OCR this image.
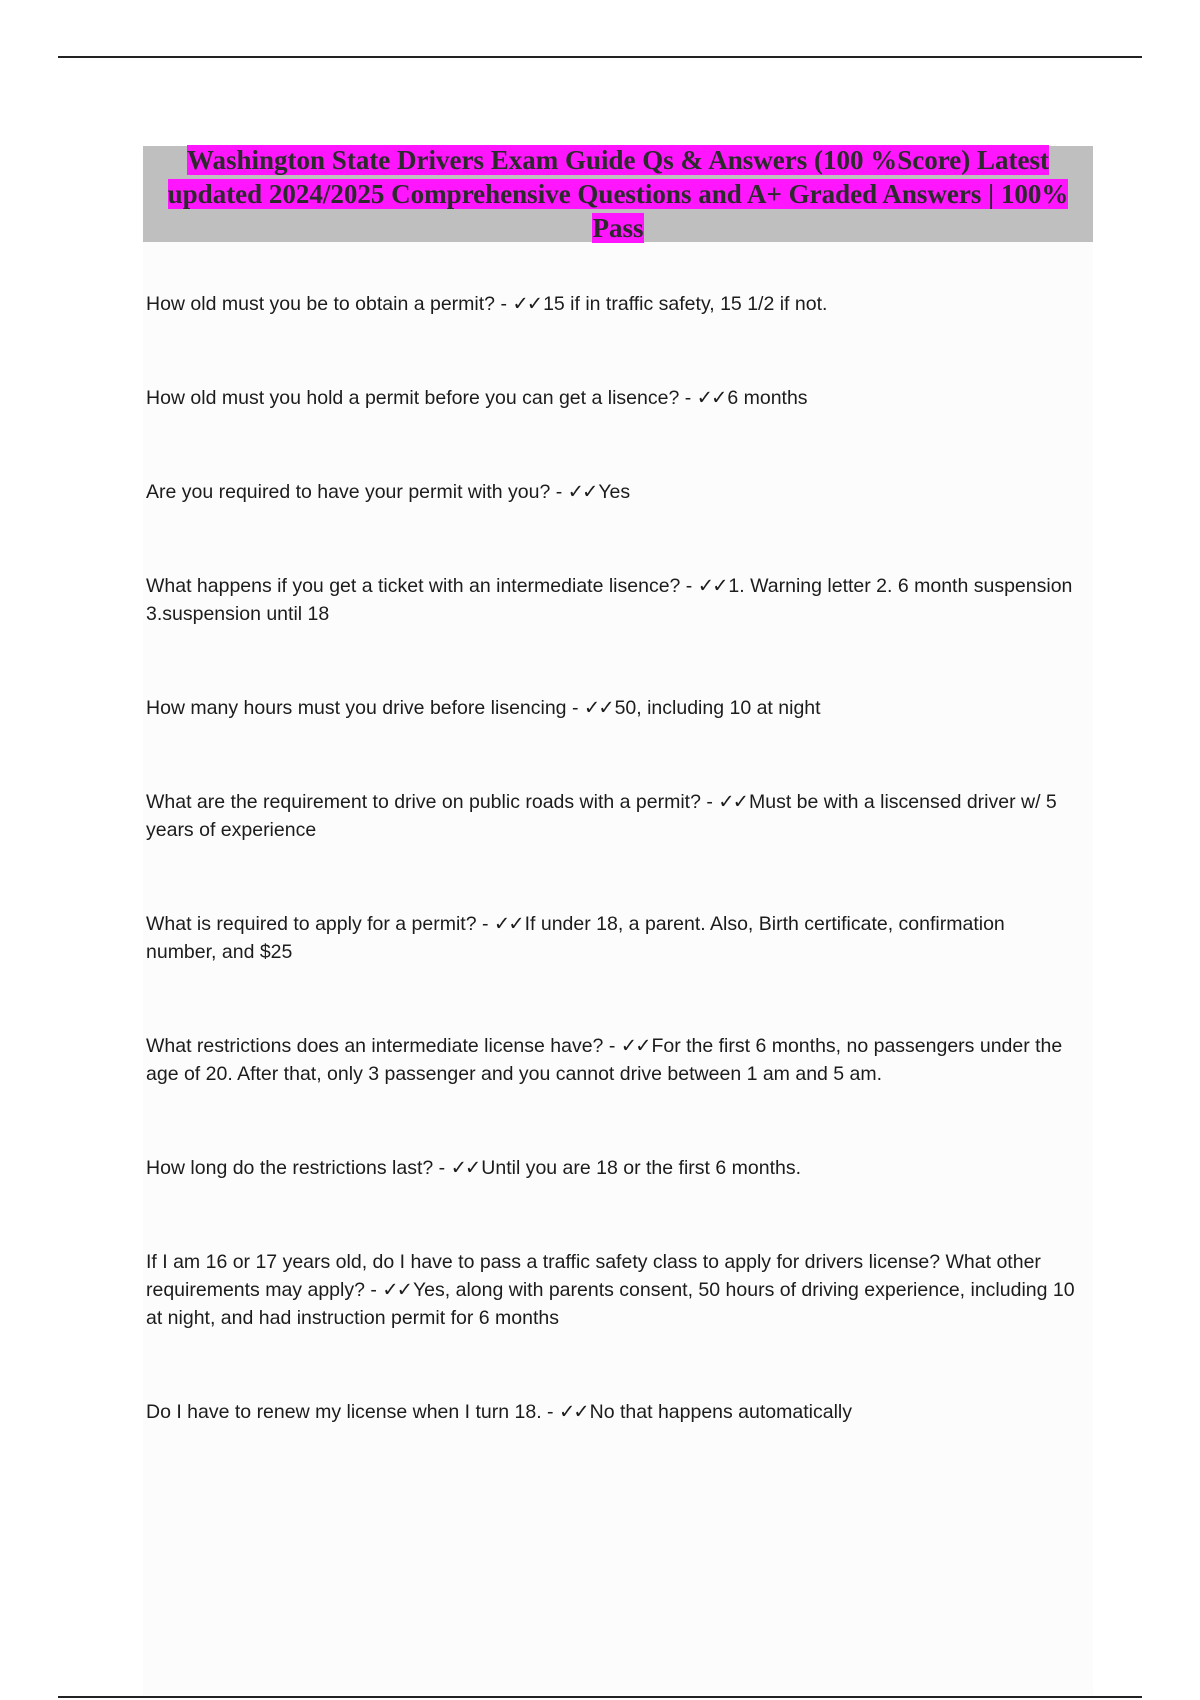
Washington State Drivers Exam Guide Qs & Answers (100 %Score) Latest updated 2024/2025 Comprehensive Questions and A+ Graded Answers | 100% Pass

How old must you be to obtain a permit? - ✓✓ 15 if in traffic safety, 15 1/2 if not.

How old must you hold a permit before you can get a lisence? - ✓✓ 6 months

Are you required to have your permit with you? - ✓✓ Yes

What happens if you get a ticket with an intermediate lisence? - ✓✓ 1. Warning letter 2. 6 month suspension 3.suspension until 18

How many hours must you drive before lisencing - ✓✓ 50, including 10 at night

What are the requirement to drive on public roads with a permit? - ✓✓ Must be with a liscensed driver w/ 5 years of experience

What is required to apply for a permit? - ✓✓ If under 18, a parent. Also, Birth certificate, confirmation number, and $25

What restrictions does an intermediate license have? - ✓✓ For the first 6 months, no passengers under the age of 20. After that, only 3 passenger and you cannot drive between 1 am and 5 am.

How long do the restrictions last? - ✓✓ Until you are 18 or the first 6 months.

If I am 16 or 17 years old, do I have to pass a traffic safety class to apply for drivers license? What other requirements may apply? - ✓✓ Yes, along with parents consent, 50 hours of driving experience, including 10 at night, and had instruction permit for 6 months

Do I have to renew my license when I turn 18. - ✓✓ No that happens automatically
